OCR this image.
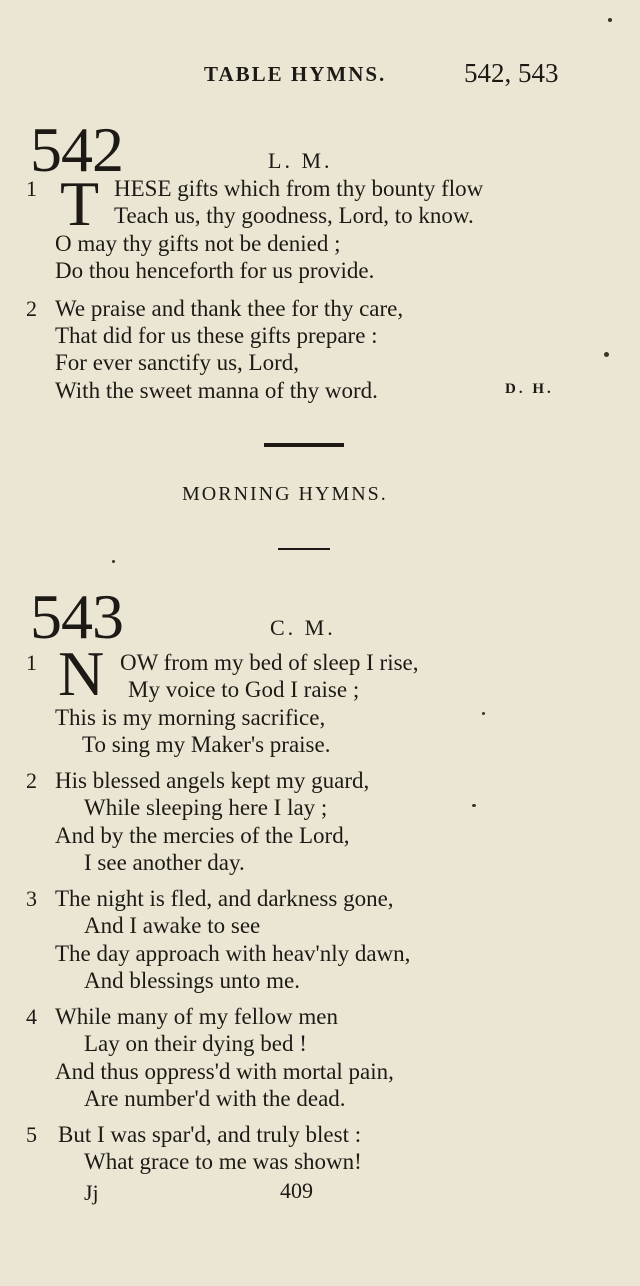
TABLE HYMNS.	542, 543
542	L. M.
1 T HESE gifts which from thy bounty flow
Teach us, thy goodness, Lord, to know.
O may thy gifts not be denied ;
Do thou henceforth for us provide.
2 We praise and thank thee for thy care,
That did for us these gifts prepare :
For ever sanctify us, Lord,
With the sweet manna of thy word.	D. H.
MORNING HYMNS.
543	C. M.
1 N OW from my bed of sleep I rise,
My voice to God I raise ;
This is my morning sacrifice,
To sing my Maker's praise.
2 His blessed angels kept my guard,
While sleeping here I lay ;
And by the mercies of the Lord,
I see another day.
3 The night is fled, and darkness gone,
And I awake to see
The day approach with heav'nly dawn,
And blessings unto me.
4 While many of my fellow men
Lay on their dying bed !
And thus oppress'd with mortal pain,
Are number'd with the dead.
5 But I was spar'd, and truly blest :
What grace to me was shown!
Jj	409
